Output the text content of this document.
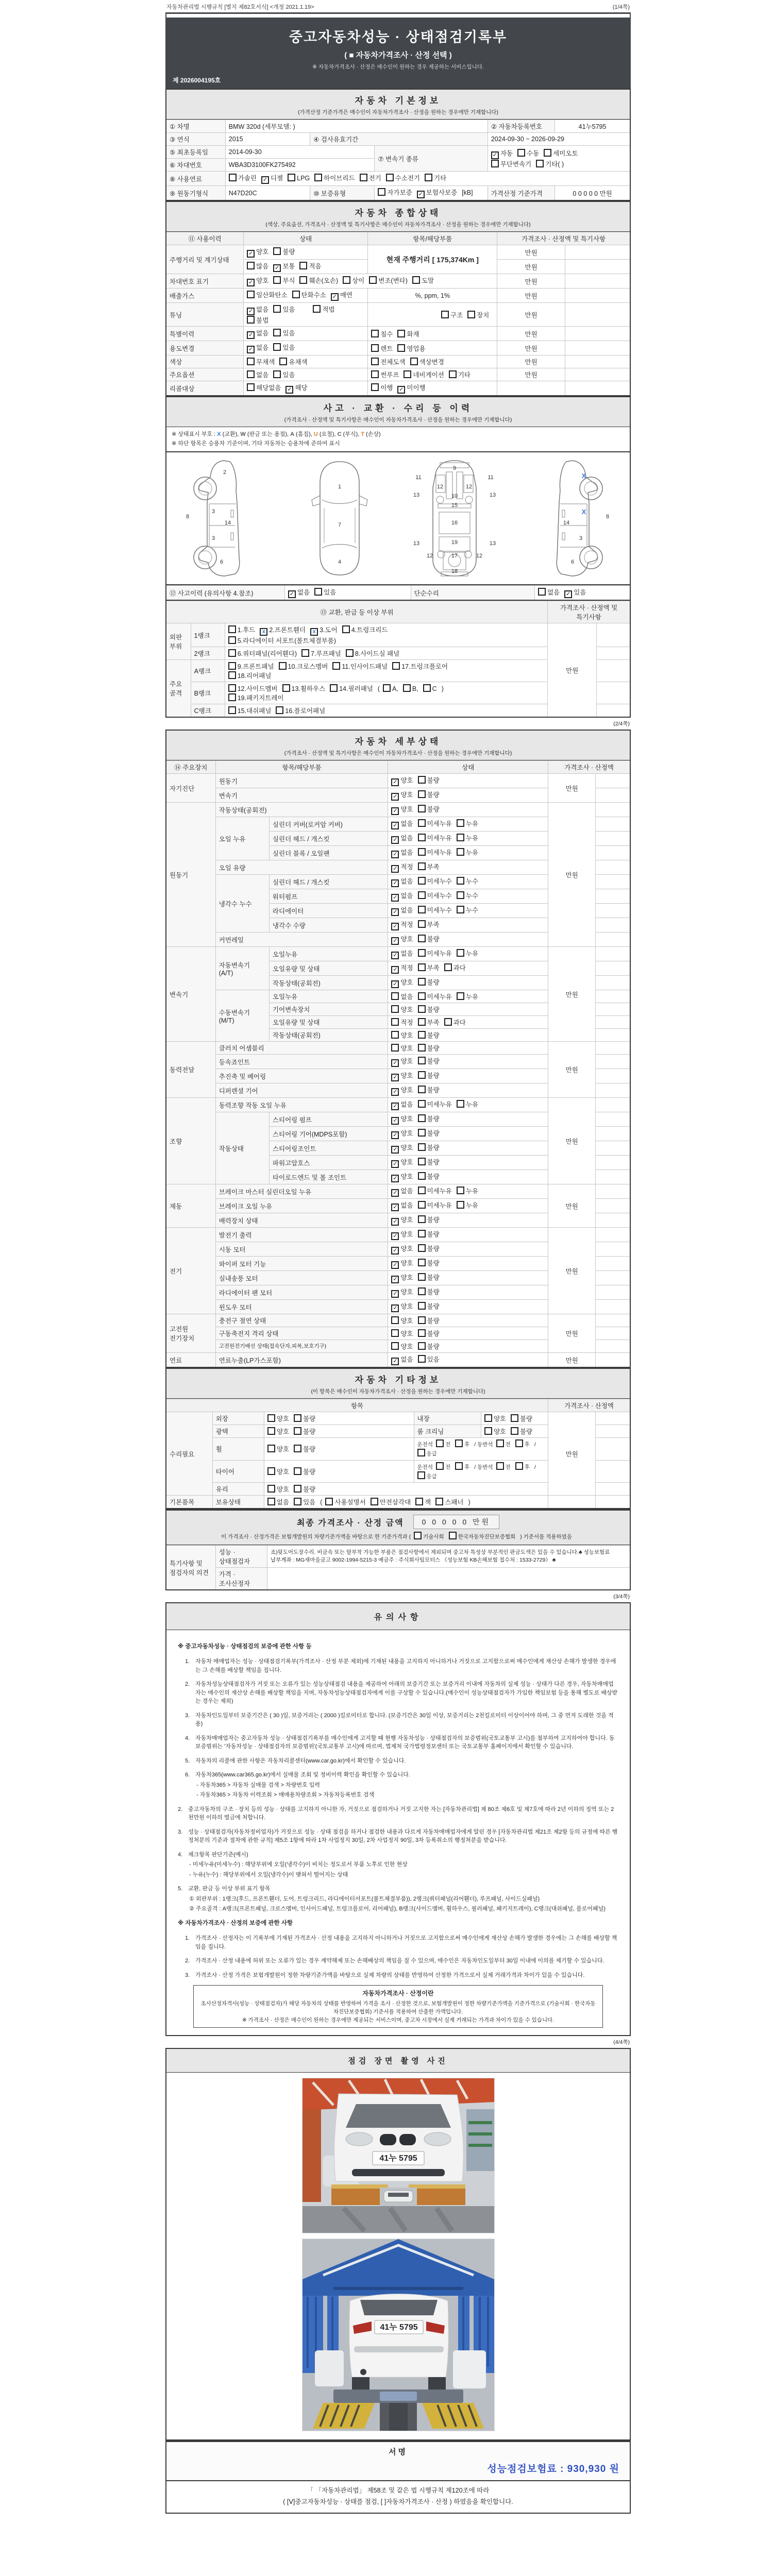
자동차관리법 시행규칙 [별지 제82호서식] <개정 2021.1.19>	(1/4쪽)
중고자동차성능 · 상태점검기록부
( ■ 자동차가격조사 · 산정 선택 )
※ 자동차가격조사 · 산정은 매수인이 원하는 경우 제공하는 서비스입니다.
제 2026004195호
자동차 기본정보
(가격산정 기준가격은 매수인이 자동차가격조사 · 산정을 원하는 경우에만 기재합니다)
① 차명	BMW 320d (세부모델: )			② 자동차등록번호	41누5795
③ 연식	2015	④ 검사유효기간		2024-09-30 ~ 2026-09-29	
⑤ 최초등록일	2014-09-30		⑦ 변속기 종류	✓자동 수동 세미오토
무단변속기 기타( )
⑥ 차대번호	WBA3D3100FK275492				
⑧ 사용연료	가솔린 ✓ 디젤 LPG 하이브리드 전기 수소전기 기타
⑨ 원동기형식	N47D20C	⑩ 보증유형	자가보증 ✓ 보험사보증 [kB]	가격산정 기준가격	0 0 0 0 0 만원
자동차 종합상태
(색상, 주요옵션, 가격조사 · 산정액 및 특기사항은 매수인이 자동차가격조사 · 산정을 원하는 경우에만 기재합니다)
⑪ 사용이력	상태	항목/해당부품	가격조사 · 산정액 및 특기사항	
주행거리 및 계기상태	✓양호 불량	현재 주행거리 [ 175,374Km ]	만원	
	많음 ✓ 보통 적음		만원	
차대번호 표기	✓양호 부식 훼손(오손) 상이 변조(변타) 도말		만원	
배출가스	일산화탄소 탄화수소 ✓ 매연	%, ppm, 1%	만원	
튜닝	✓없음 있음 적법불법	구조 장치	만원	
특별이력	✓없음 있음	침수 화재	만원	
용도변경	✓없음 있음	렌트 영업용	만원	
색상	무채색 유채색	전체도색 색상변경	만원	
주요옵션	없음 있음	썬루프 네비게이션 기타	만원	
리콜대상	해당없음 ✓ 해당	이행 ✓ 미이행		
사고 · 교환 · 수리 등 이력
(가격조사 · 산정액 및 특기사항은 매수인이 자동차가격조사 · 산정을 원하는 경우에만 기재합니다)
※ 상태표시 부호 : X (교환), W (판금 또는 용접), A (흠집), U (요철), C (부식), T (손상)
※ 하단 항목은 승용차 기준이며, 기타 자동차는 승용차에 준하여 표시
2
8
3
14
3
6
1
7
4
11	11
9
12	12
13	13
10
15
16
19
13	13
12	17	12
18
8
14
3
6
X
X
⑫ 사고이력 (유의사항 4.참조)	✓없음 있음	단순수리	없음 ✓ 있음
⑬ 교환, 판금 등 이상 부위			가격조사 · 산정액 및 특기사항	
외판 부위	1랭크	1.후드 x 2.프론트휀더 x 3.도어 4.트렁크리드
5.라디에이터 서포트(볼트체결부품)	만원	
	2랭크	6.쿼터패널(리어휀다) 7.루프패널 8.사이드실 패널		
주요 골격	A랭크	9.프론트패널 10.크로스멤버 11.인사이드패널 17.트렁크플로어
18.리어패널		
	B랭크	12.사이드멤버 13.휠하우스 14.필러패널 ( A, B, C )
19.패키지트레이		
	C랭크	15.대쉬패널 16.플로어패널		
(2/4쪽)
자동차 세부상태
(가격조사 · 산정액 및 특기사항은 매수인이 자동차가격조사 · 산정을 원하는 경우에만 기재합니다)
⑭ 주요장치	항목/해당부품		상태	가격조사 · 산정액	
자기진단	원동기	✓양호 불량	만원	
	변속기	✓양호 불량	
원동기	작동상태(공회전)	✓양호 불량	만원	
	오일 누유	실린더 커버(로커암 커버)	✓없음 미세누유 누유	
		실린더 헤드 / 개스킷	✓없음 미세누유 누유	
		실린더 블록 / 오일팬	✓없음 미세누유 누유	
	오일 유량	✓적정 부족	
	냉각수 누수	실린더 헤드 / 개스킷	✓없음 미세누수 누수	
		워터펌프	✓없음 미세누수 누수	
		라디에이터	✓없음 미세누수 누수	
		냉각수 수량	✓적정 부족	
	커먼레일	✓양호 불량	
변속기	자동변속기 (A/T)	오일누유	✓없음 미세누유 누유	만원	
		오일유량 및 상태	✓적정 부족 과다	
		작동상태(공회전)	✓양호 불량	
	수동변속기 (M/T)	오일누유	없음 미세누유 누유		
		기어변속장치	양호 불량		
		오일유량 및 상태	적정 부족 과다		
		작동상태(공회전)	양호 불량		
동력전달	클러치 어셈블리		양호 불량	만원	
	등속죠인트	✓양호 불량	
	추진축 및 베어링	✓양호 불량	
	디퍼렌셜 기어	✓양호 불량	
조향	동력조향 작동 오일 누유	✓없음 미세누유 누유	만원	
	작동상태	스티어링 펌프	✓양호 불량	
		스티어링 기어(MDPS포함)	✓양호 불량	
		스티어링조인트	✓양호 불량	
		파워고압호스	✓양호 불량	
		타이로드엔드 및 볼 조인트	✓양호 불량	
제동	브레이크 마스터 실린더오일 누유	✓없음 미세누유 누유	만원	
	브레이크 오일 누유	✓없음 미세누유 누유	
	배력장치 상태	✓양호 불량	
전기	발전기 출력	✓양호 불량	만원	
	시동 모터	✓양호 불량	
	와이퍼 모터 기능	✓양호 불량	
	실내송풍 모터	✓양호 불량	
	라디에이터 팬 모터	✓양호 불량	
	윈도우 모터	✓양호 불량	
고전원 전기장치	충전구 절연 상태		양호 불량	만원	
	구동축전지 격리 상태		양호 불량		
	고전원전기배선 상태(접속단자,피복,보호기구)		양호 불량		
연료	연료누출(LP가스포함)	✓없음 있음	만원	
자동차 기타정보
(이 항목은 매수인이 자동차가격조사 · 산정을 원하는 경우에만 기재합니다)
항목					가격조사 · 산정액	
수리필요	외장	양호 불량	내장	양호 불량	만원	
	광택	양호 불량	룸 크리닝	양호 불량		
	휠	양호 불량	운전석 전 후 / 동반석 전 후 /응급			
	타이어	양호 불량	운전석 전 후 / 동반석 전 후 /응급			
	유리	양호 불량				
기본품목	보유상태	없음 있음 ( 사용설명서 안전삼각대 잭 스패너 )				
최종 가격조사 · 산정 금액	0 0 0 0 0 만원
이 가격조사 · 산정가격은 보험개발원의 차량기준가액을 바탕으로 한 기준가격과 ( 기술사회	한국자동차진단보증협회 ) 기준서를 적용하였음
특기사항 및 점검자의 의견	성능 · 상태점검자	조)뒷도어도장수리. 비금속 또는 탈부착 가능한 부품은 점검사항에서 제외되며 중고차 특성상 부분적인 판금도색은 있을 수 있습니다.♣ 성능보험료 납부계좌 : MG새마을금고 9002-1994-5215-3 예금주 : 주식회사팀모터스 《성능보험 KB손해보험 접수처 : 1533-2729》 ♣
	가격 · 조사산정자	
(3/4쪽)
유의사항
※ 중고자동차성능 · 상태점검의 보증에 관한 사항 등
1. 자동차 매매업자는 성능 · 상태점검기록부(가격조사 · 산정 부분 제외)에 기재된 내용을 고지하지 아니하거나 거짓으로 고지함으로써 매수인에게 재산상 손해가 발생한 경우에는 그 손해를 배상할 책임을 집니다.
2. 자동차성능상태점검자가 거짓 또는 오류가 있는 성능상태점검 내용을 제공하여 아래의 보증기간 또는 보증거리 이내에 자동차의 실제 성능 · 상태가 다른 경우, 자동차매매업자는 매수인의 재산상 손해를 배상할 책임을 지며, 자동차성능상태점검자에게 이를 구상할 수 있습니다.(매수인이 성능상태점검자가 가입한 책임보험 등을 통해 별도로 배상받는 경우는 제외)
3. 자동차인도일부터 보증기간은 ( 30 )일, 보증거리는 ( 2000 )킬로미터로 합니다. (보증기간은 30일 이상, 보증거리는 2천킬로미터 이상이어야 하며, 그 중 먼저 도래한 것을 적용)
4. 자동차매매업자는 중고자동차 성능 · 상태점검기록부를 매수인에게 고지할 때 현행 자동차성능 · 상태점검자의 보증범위(국토교통부 고시)를 첨부하여 고지하여야 합니다. 동 보증범위는 '자동차성능 · 상태점검자의 보증범위'(국토교통부 고시)에 따르며, 법제처 국가법령정보센터 또는 국토교통부 홈페이지에서 확인할 수 있습니다.
5. 자동차의 리콜에 관한 사항은 자동차리콜센터(www.car.go.kr)에서 확인할 수 있습니다.
6. 자동차365(www.car365.go.kr)에서 실매물 조회 및 정비이력 확인을 확인할 수 있습니다.
- 자동차365 > 자동차 실매물 검색 > 차량번호 입력
- 자동차365 > 자동차 이력조회 > 매매용차량조회 > 자동차등록번호 검색
2. 중고자동차의 구조 · 장치 등의 성능 · 상태를 고지하지 아니한 자, 거짓으로 점검하거나 거짓 고지한 자는 [자동차관리법] 제 80조 제6호 및 제7호에 따라 2년 이하의 징역 또는 2천만원 이하의 벌금에 처합니다.
3. 성능 · 상태점검자(자동차정비업자)가 거짓으로 성능 · 상태 점검을 하거나 점검한 내용과 다르게 자동차매매업자에게 알린 경우 [자동차관리법 제21조 제2항 등의 규정에 따른 행정처분의 기준과 절차에 관한 규칙] 제5조 1항에 따라 1차 사업정지 30일, 2차 사업정지 90일, 3차 등록취소의 행정처분을 받습니다.
4. 체크항목 판단기준(예시)
- 미세누유(미세누수) : 해당부위에 오일(냉각수)이 비치는 정도로서 부품 노후로 인한 현상
- 누유(누수) : 해당부위에서 오일(냉각수)이 맺혀서 떨어지는 상태
5. 교환, 판금 등 이상 부위 표기 항목
① 외판부위 : 1랭크(후드, 프론트휀더, 도어, 트렁크리드, 라디에이터서포트(볼트체결부품)), 2랭크(쿼터패널(리어휀더), 루프패널, 사이드실패널)
② 주요골격 : A랭크(프론트패널, 크로스멤버, 인사이드패널, 트렁크플로어, 리어패널), B랭크(사이드멤버, 휠하우스, 필러패널, 패키지트레이), C랭크(대쉬패널, 플로어패널)
※ 자동차가격조사 · 산정의 보증에 관한 사항
1. 가격조사 · 산정자는 이 기록부에 기재된 가격조사 · 산정 내용을 고지하지 아니하거나 거짓으로 고지함으로써 매수인에게 재산상 손해가 발생한 경우에는 그 손해를 배상할 책임을 집니다.
2. 가격조사 · 산정 내용에 허위 또는 오류가 있는 경우 계약해제 또는 손해배상의 책임을 질 수 있으며, 매수인은 자동차인도일부터 30일 이내에 이의를 제기할 수 있습니다.
3. 가격조사 · 산정 가격은 보험개발원이 정한 차량기준가액을 바탕으로 실제 차량의 상태를 반영하여 산정한 가격으로서 실제 거래가격과 차이가 있을 수 있습니다.
자동차가격조사 · 산정이란
조사산정자격사(성능 · 상태점검자)가 해당 자동차의 상태를 반영하여 가격을 조사 · 산정한 것으로, 보험개발원이 정한 차량기준가액을 기준가격으로 (기술사회 · 한국자동차진단보증협회) 기준서를 적용하여 산출한 가액입니다.
※ 가격조사 · 산정은 매수인이 원하는 경우에만 제공되는 서비스이며, 중고차 시장에서 실제 거래되는 가격과 차이가 있을 수 있습니다.
(4/4쪽)
점검 장면 촬영 사진
41누 5795
41누 5795
서명
성능점검보험료 : 930,930 원
「 「자동차관리법」 제58조 및 같은 법 시행규칙 제120조에 따라
( [Ⅴ]중고자동차성능 · 상태를 점검, [ ]자동차가격조사 · 산정 ) 하였음을 확인합니다.
